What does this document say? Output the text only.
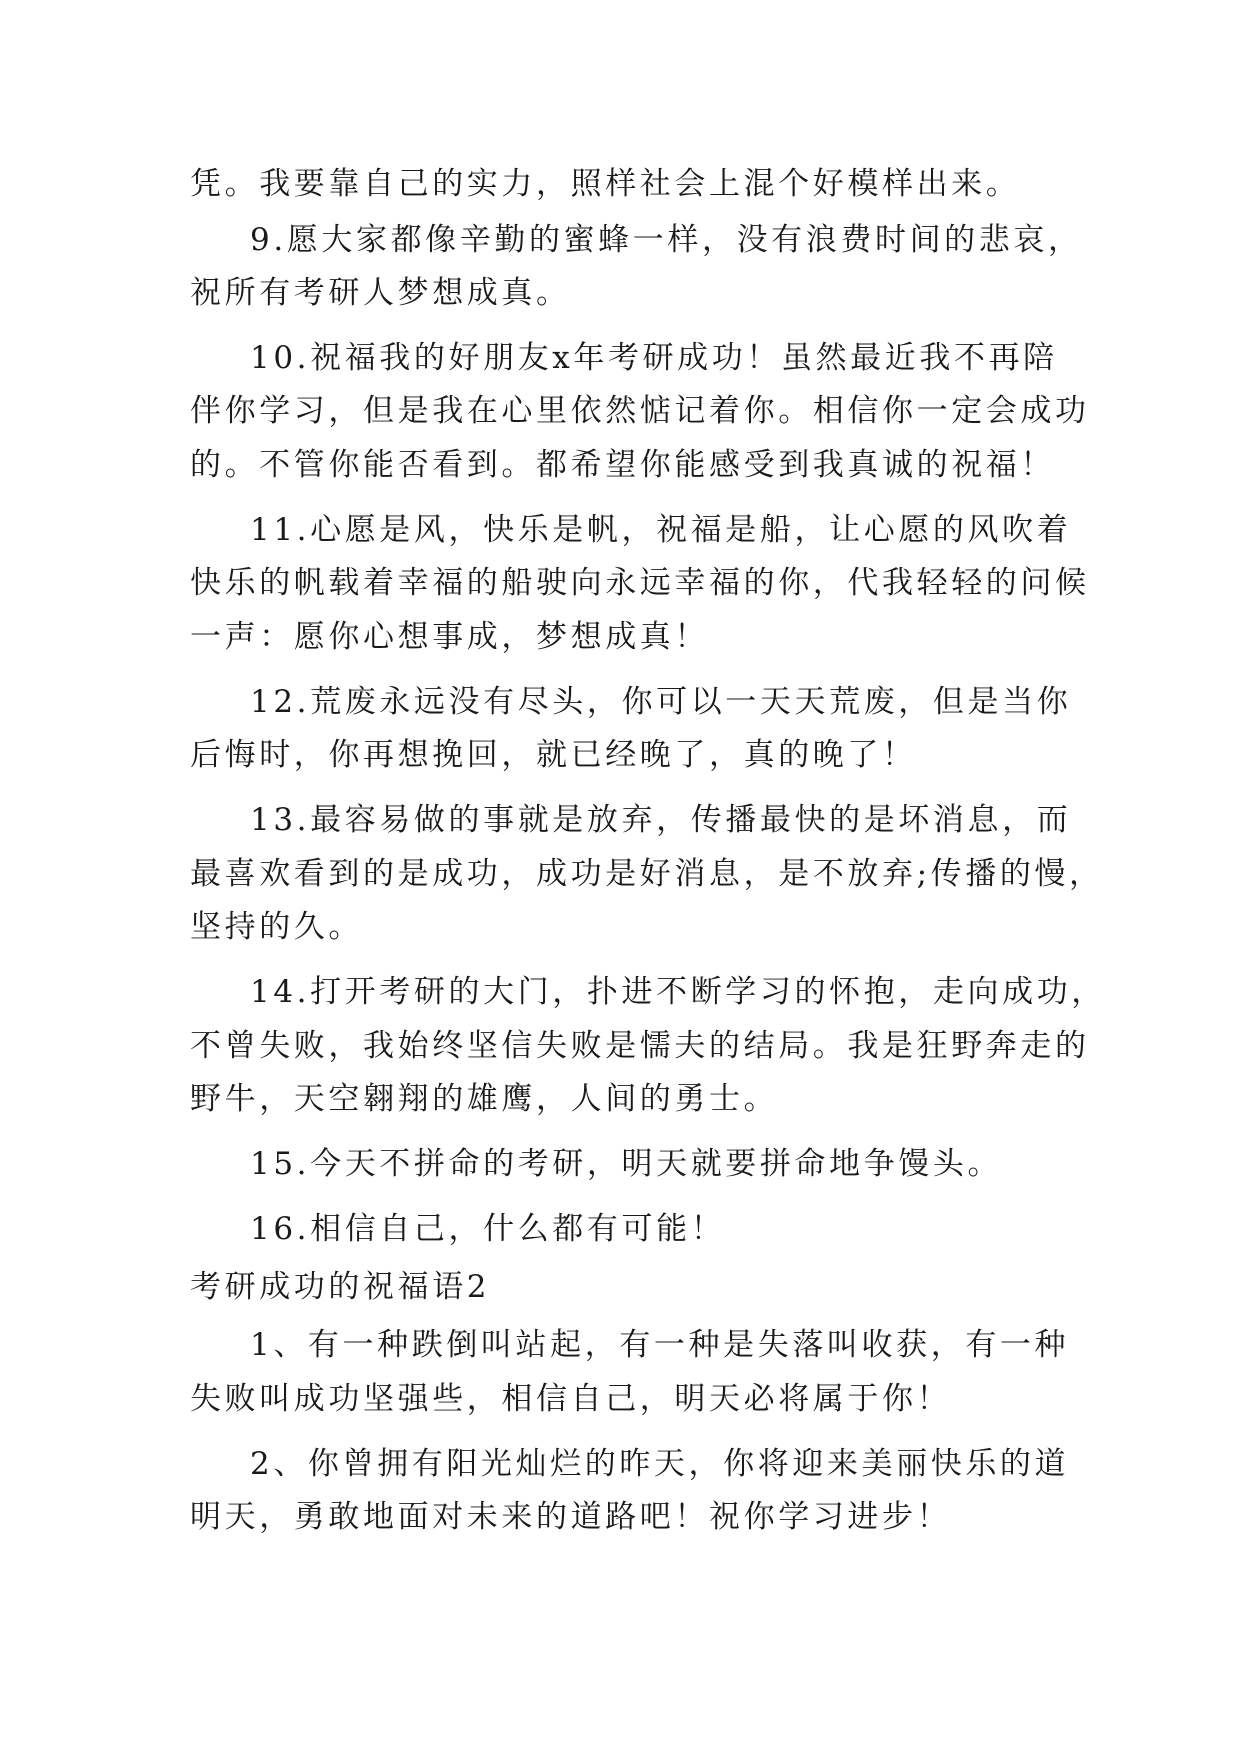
凭。我要靠自己的实力，照样社会上混个好模样出来。
9.愿大家都像辛勤的蜜蜂一样，没有浪费时间的悲哀，
祝所有考研人梦想成真。
10.祝福我的好朋友x年考研成功！虽然最近我不再陪
伴你学习，但是我在心里依然惦记着你。相信你一定会成功
的。不管你能否看到。都希望你能感受到我真诚的祝福！
11.心愿是风，快乐是帆，祝福是船，让心愿的风吹着
快乐的帆载着幸福的船驶向永远幸福的你，代我轻轻的问候
一声：愿你心想事成，梦想成真！
12.荒废永远没有尽头，你可以一天天荒废，但是当你
后悔时，你再想挽回，就已经晚了，真的晚了！
13.最容易做的事就是放弃，传播最快的是坏消息，而
最喜欢看到的是成功，成功是好消息，是不放弃;传播的慢，
坚持的久。
14.打开考研的大门，扑进不断学习的怀抱，走向成功，
不曾失败，我始终坚信失败是懦夫的结局。我是狂野奔走的
野牛，天空翱翔的雄鹰，人间的勇士。
15.今天不拼命的考研，明天就要拼命地争馒头。
16.相信自己，什么都有可能！
考研成功的祝福语2
1、有一种跌倒叫站起，有一种是失落叫收获，有一种
失败叫成功坚强些，相信自己，明天必将属于你！
2、你曾拥有阳光灿烂的昨天，你将迎来美丽快乐的道
明天，勇敢地面对未来的道路吧！祝你学习进步！
